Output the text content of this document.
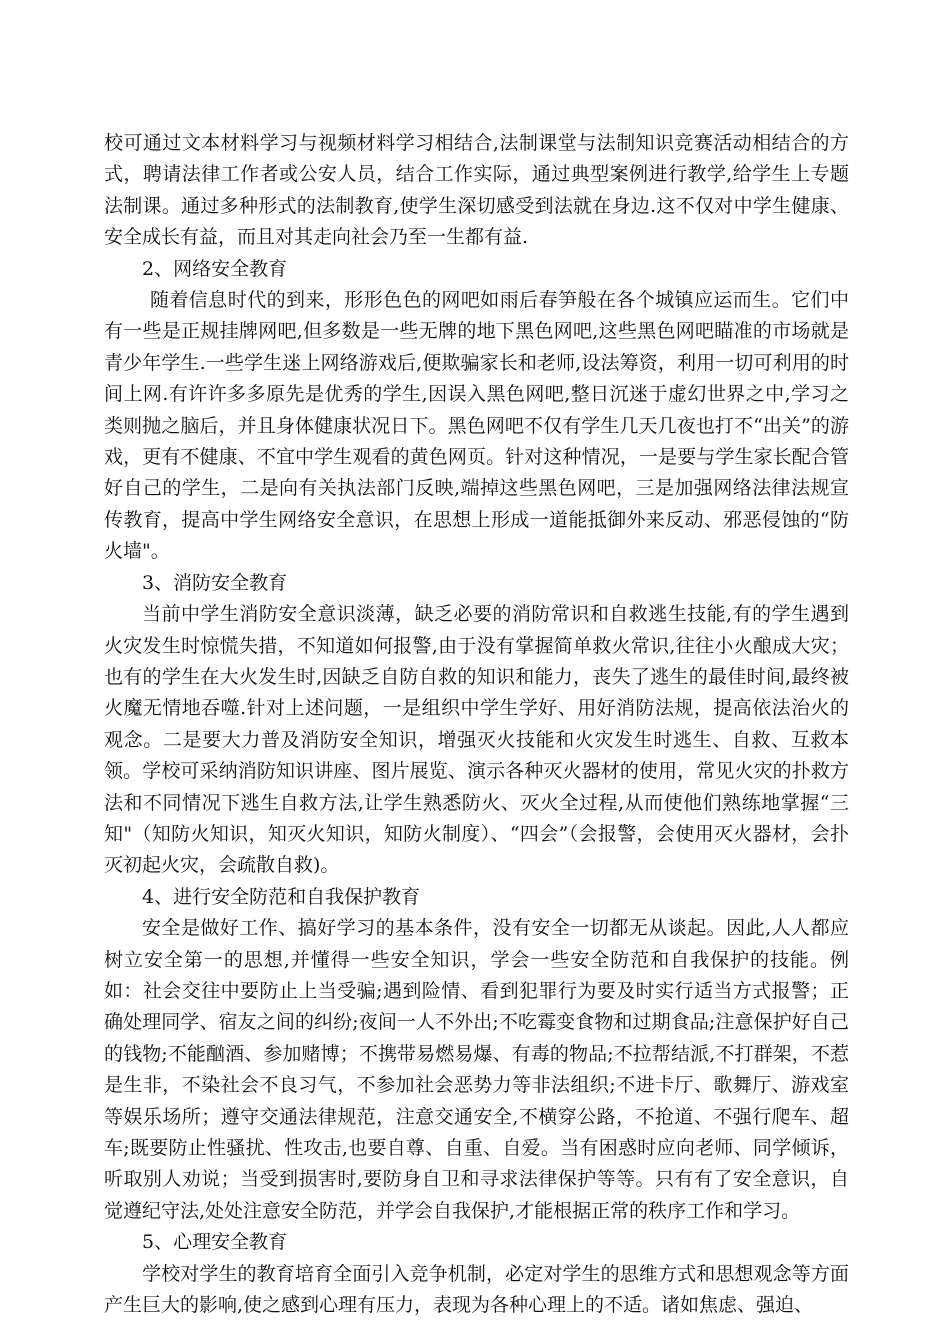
校可通过文本材料学习与视频材料学习相结合,法制课堂与法制知识竞赛活动相结合的方式，聘请法律工作者或公安人员，结合工作实际，通过典型案例进行教学,给学生上专题法制课。通过多种形式的法制教育,使学生深切感受到法就在身边.这不仅对中学生健康、安全成长有益，而且对其走向社会乃至一生都有益.

2、网络安全教育

随着信息时代的到来，形形色色的网吧如雨后春笋般在各个城镇应运而生。它们中有一些是正规挂牌网吧,但多数是一些无牌的地下黑色网吧,这些黑色网吧瞄准的市场就是青少年学生.一些学生迷上网络游戏后,便欺骗家长和老师,设法筹资，利用一切可利用的时间上网.有许许多多原先是优秀的学生,因误入黑色网吧,整日沉迷于虚幻世界之中,学习之类则抛之脑后，并且身体健康状况日下。黑色网吧不仅有学生几天几夜也打不“出关”的游戏，更有不健康、不宜中学生观看的黄色网页。针对这种情况，一是要与学生家长配合管好自己的学生，二是向有关执法部门反映,端掉这些黑色网吧，三是加强网络法律法规宣传教育，提高中学生网络安全意识，在思想上形成一道能抵御外来反动、邪恶侵蚀的“防火墙"。

3、消防安全教育

当前中学生消防安全意识淡薄，缺乏必要的消防常识和自救逃生技能,有的学生遇到火灾发生时惊慌失措，不知道如何报警,由于没有掌握简单救火常识,往往小火酿成大灾；也有的学生在大火发生时,因缺乏自防自救的知识和能力，丧失了逃生的最佳时间,最终被火魔无情地吞噬.针对上述问题，一是组织中学生学好、用好消防法规，提高依法治火的观念。二是要大力普及消防安全知识，增强灭火技能和火灾发生时逃生、自救、互救本领。学校可采纳消防知识讲座、图片展览、演示各种灭火器材的使用，常见火灾的扑救方法和不同情况下逃生自救方法,让学生熟悉防火、灭火全过程,从而使他们熟练地掌握“三知"（知防火知识，知灭火知识，知防火制度）、“四会”（会报警，会使用灭火器材，会扑灭初起火灾，会疏散自救)。

4、进行安全防范和自我保护教育

安全是做好工作、搞好学习的基本条件，没有安全一切都无从谈起。因此,人人都应树立安全第一的思想,并懂得一些安全知识，学会一些安全防范和自我保护的技能。例如：社会交往中要防止上当受骗;遇到险情、看到犯罪行为要及时实行适当方式报警；正确处理同学、宿友之间的纠纷;夜间一人不外出;不吃霉变食物和过期食品;注意保护好自己的钱物;不能酗酒、参加赌博；不携带易燃易爆、有毒的物品;不拉帮结派,不打群架，不惹是生非，不染社会不良习气，不参加社会恶势力等非法组织;不进卡厅、歌舞厅、游戏室等娱乐场所；遵守交通法律规范，注意交通安全,不横穿公路，不抢道、不强行爬车、超车;既要防止性骚扰、性攻击,也要自尊、自重、自爱。当有困惑时应向老师、同学倾诉，听取别人劝说；当受到损害时,要防身自卫和寻求法律保护等等。只有有了安全意识，自觉遵纪守法,处处注意安全防范，并学会自我保护,才能根据正常的秩序工作和学习。

5、心理安全教育

学校对学生的教育培育全面引入竞争机制，必定对学生的思维方式和思想观念等方面产生巨大的影响,使之感到心理有压力，表现为各种心理上的不适。诸如焦虑、强迫、
